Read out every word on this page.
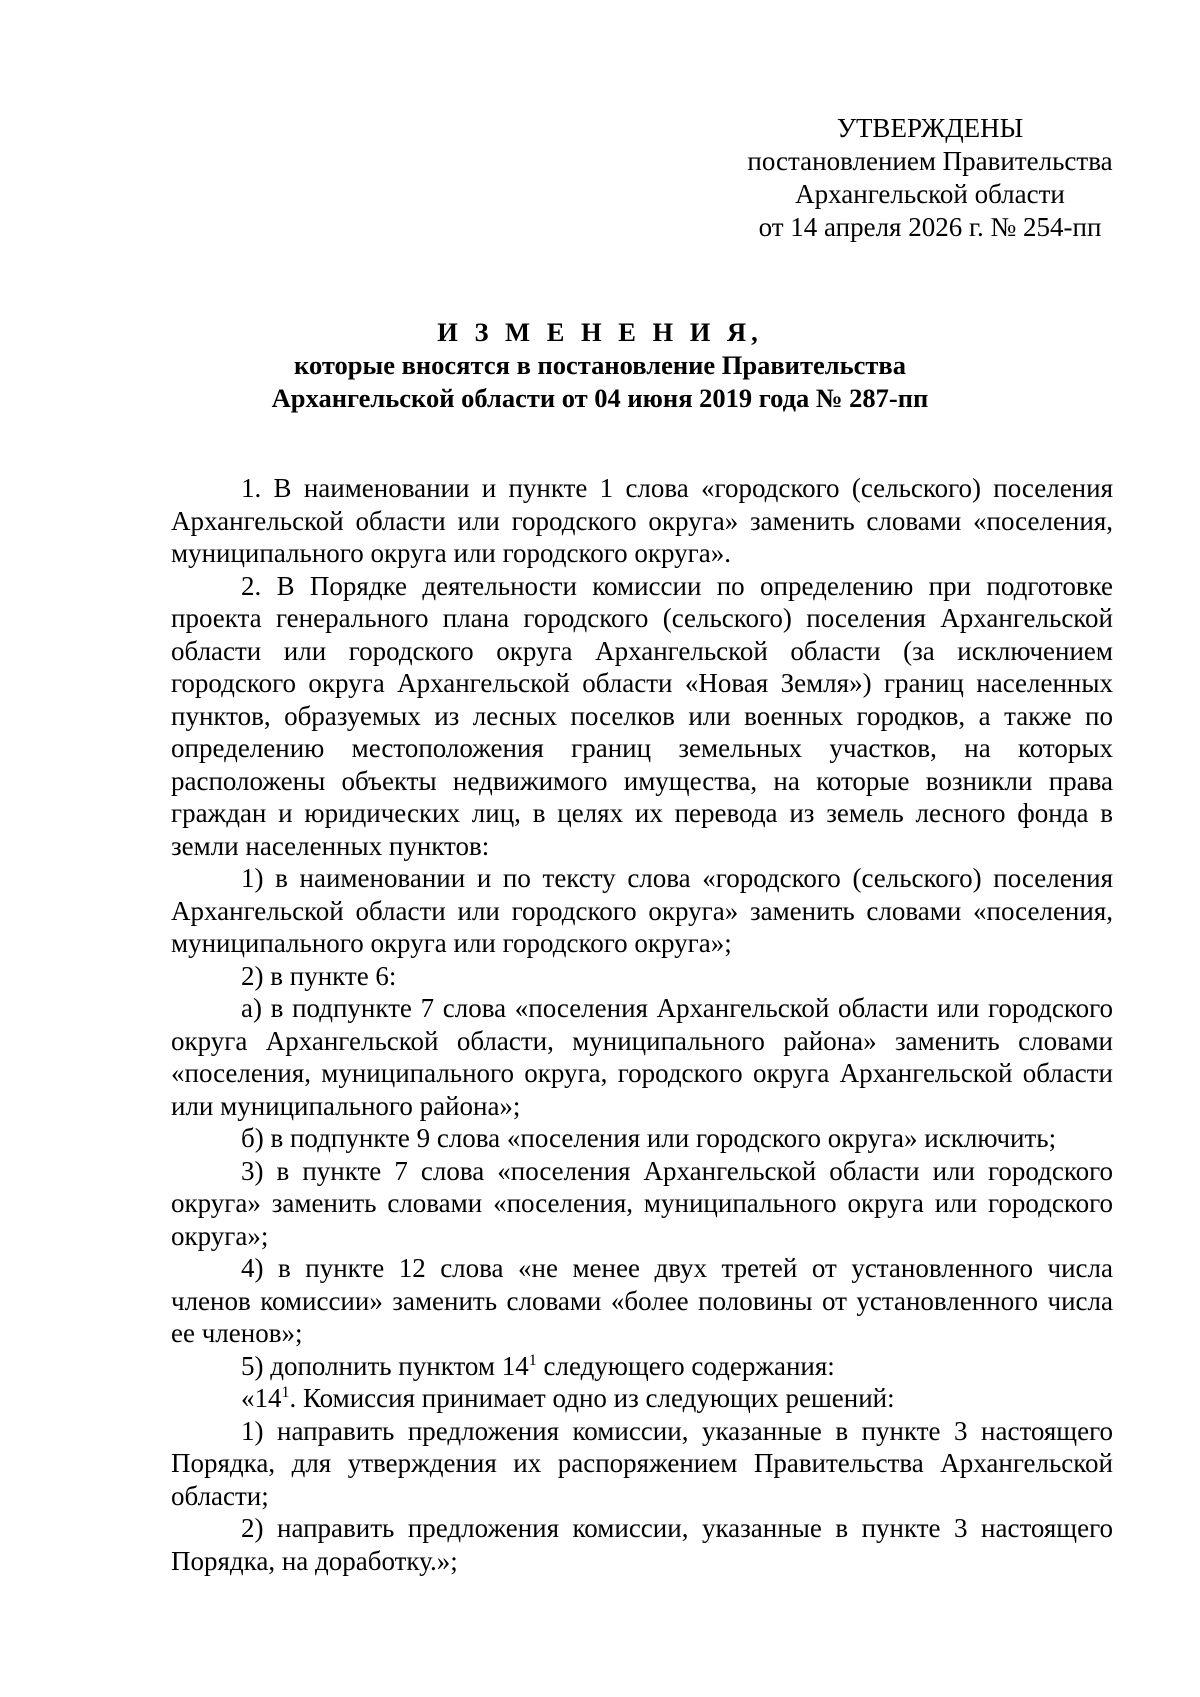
УТВЕРЖДЕНЫ
постановлением Правительства
Архангельской области
от 14 апреля 2026 г. № 254-пп
И З М Е Н Е Н И Я,
которые вносятся в постановление Правительства
Архангельской области от 04 июня 2019 года № 287-пп

1. В наименовании и пункте 1 слова «городского (сельского) поселения Архангельской области или городского округа» заменить словами «поселения, муниципального округа или городского округа».

2. В Порядке деятельности комиссии по определению при подготовке проекта генерального плана городского (сельского) поселения Архангельской области или городского округа Архангельской области (за исключением городского округа Архангельской области «Новая Земля») границ населенных пунктов, образуемых из лесных поселков или военных городков, а также по определению местоположения границ земельных участков, на которых расположены объекты недвижимого имущества, на которые возникли права граждан и юридических лиц, в целях их перевода из земель лесного фонда в земли населенных пунктов:

1) в наименовании и по тексту слова «городского (сельского) поселения Архангельской области или городского округа» заменить словами «поселения, муниципального округа или городского округа»;

2) в пункте 6:

а) в подпункте 7 слова «поселения Архангельской области или городского округа Архангельской области, муниципального района» заменить словами «поселения, муниципального округа, городского округа Архангельской области или муниципального района»;

б) в подпункте 9 слова «поселения или городского округа» исключить;

3) в пункте 7 слова «поселения Архангельской области или городского округа» заменить словами «поселения, муниципального округа или городского округа»;

4) в пункте 12 слова «не менее двух третей от установленного числа членов комиссии» заменить словами «более половины от установленного числа ее членов»;

5) дополнить пунктом $14^1$ следующего содержания:

«$14^1$. Комиссия принимает одно из следующих решений:

1) направить предложения комиссии, указанные в пункте 3 настоящего Порядка, для утверждения их распоряжением Правительства Архангельской области;

2) направить предложения комиссии, указанные в пункте 3 настоящего Порядка, на доработку.»;
